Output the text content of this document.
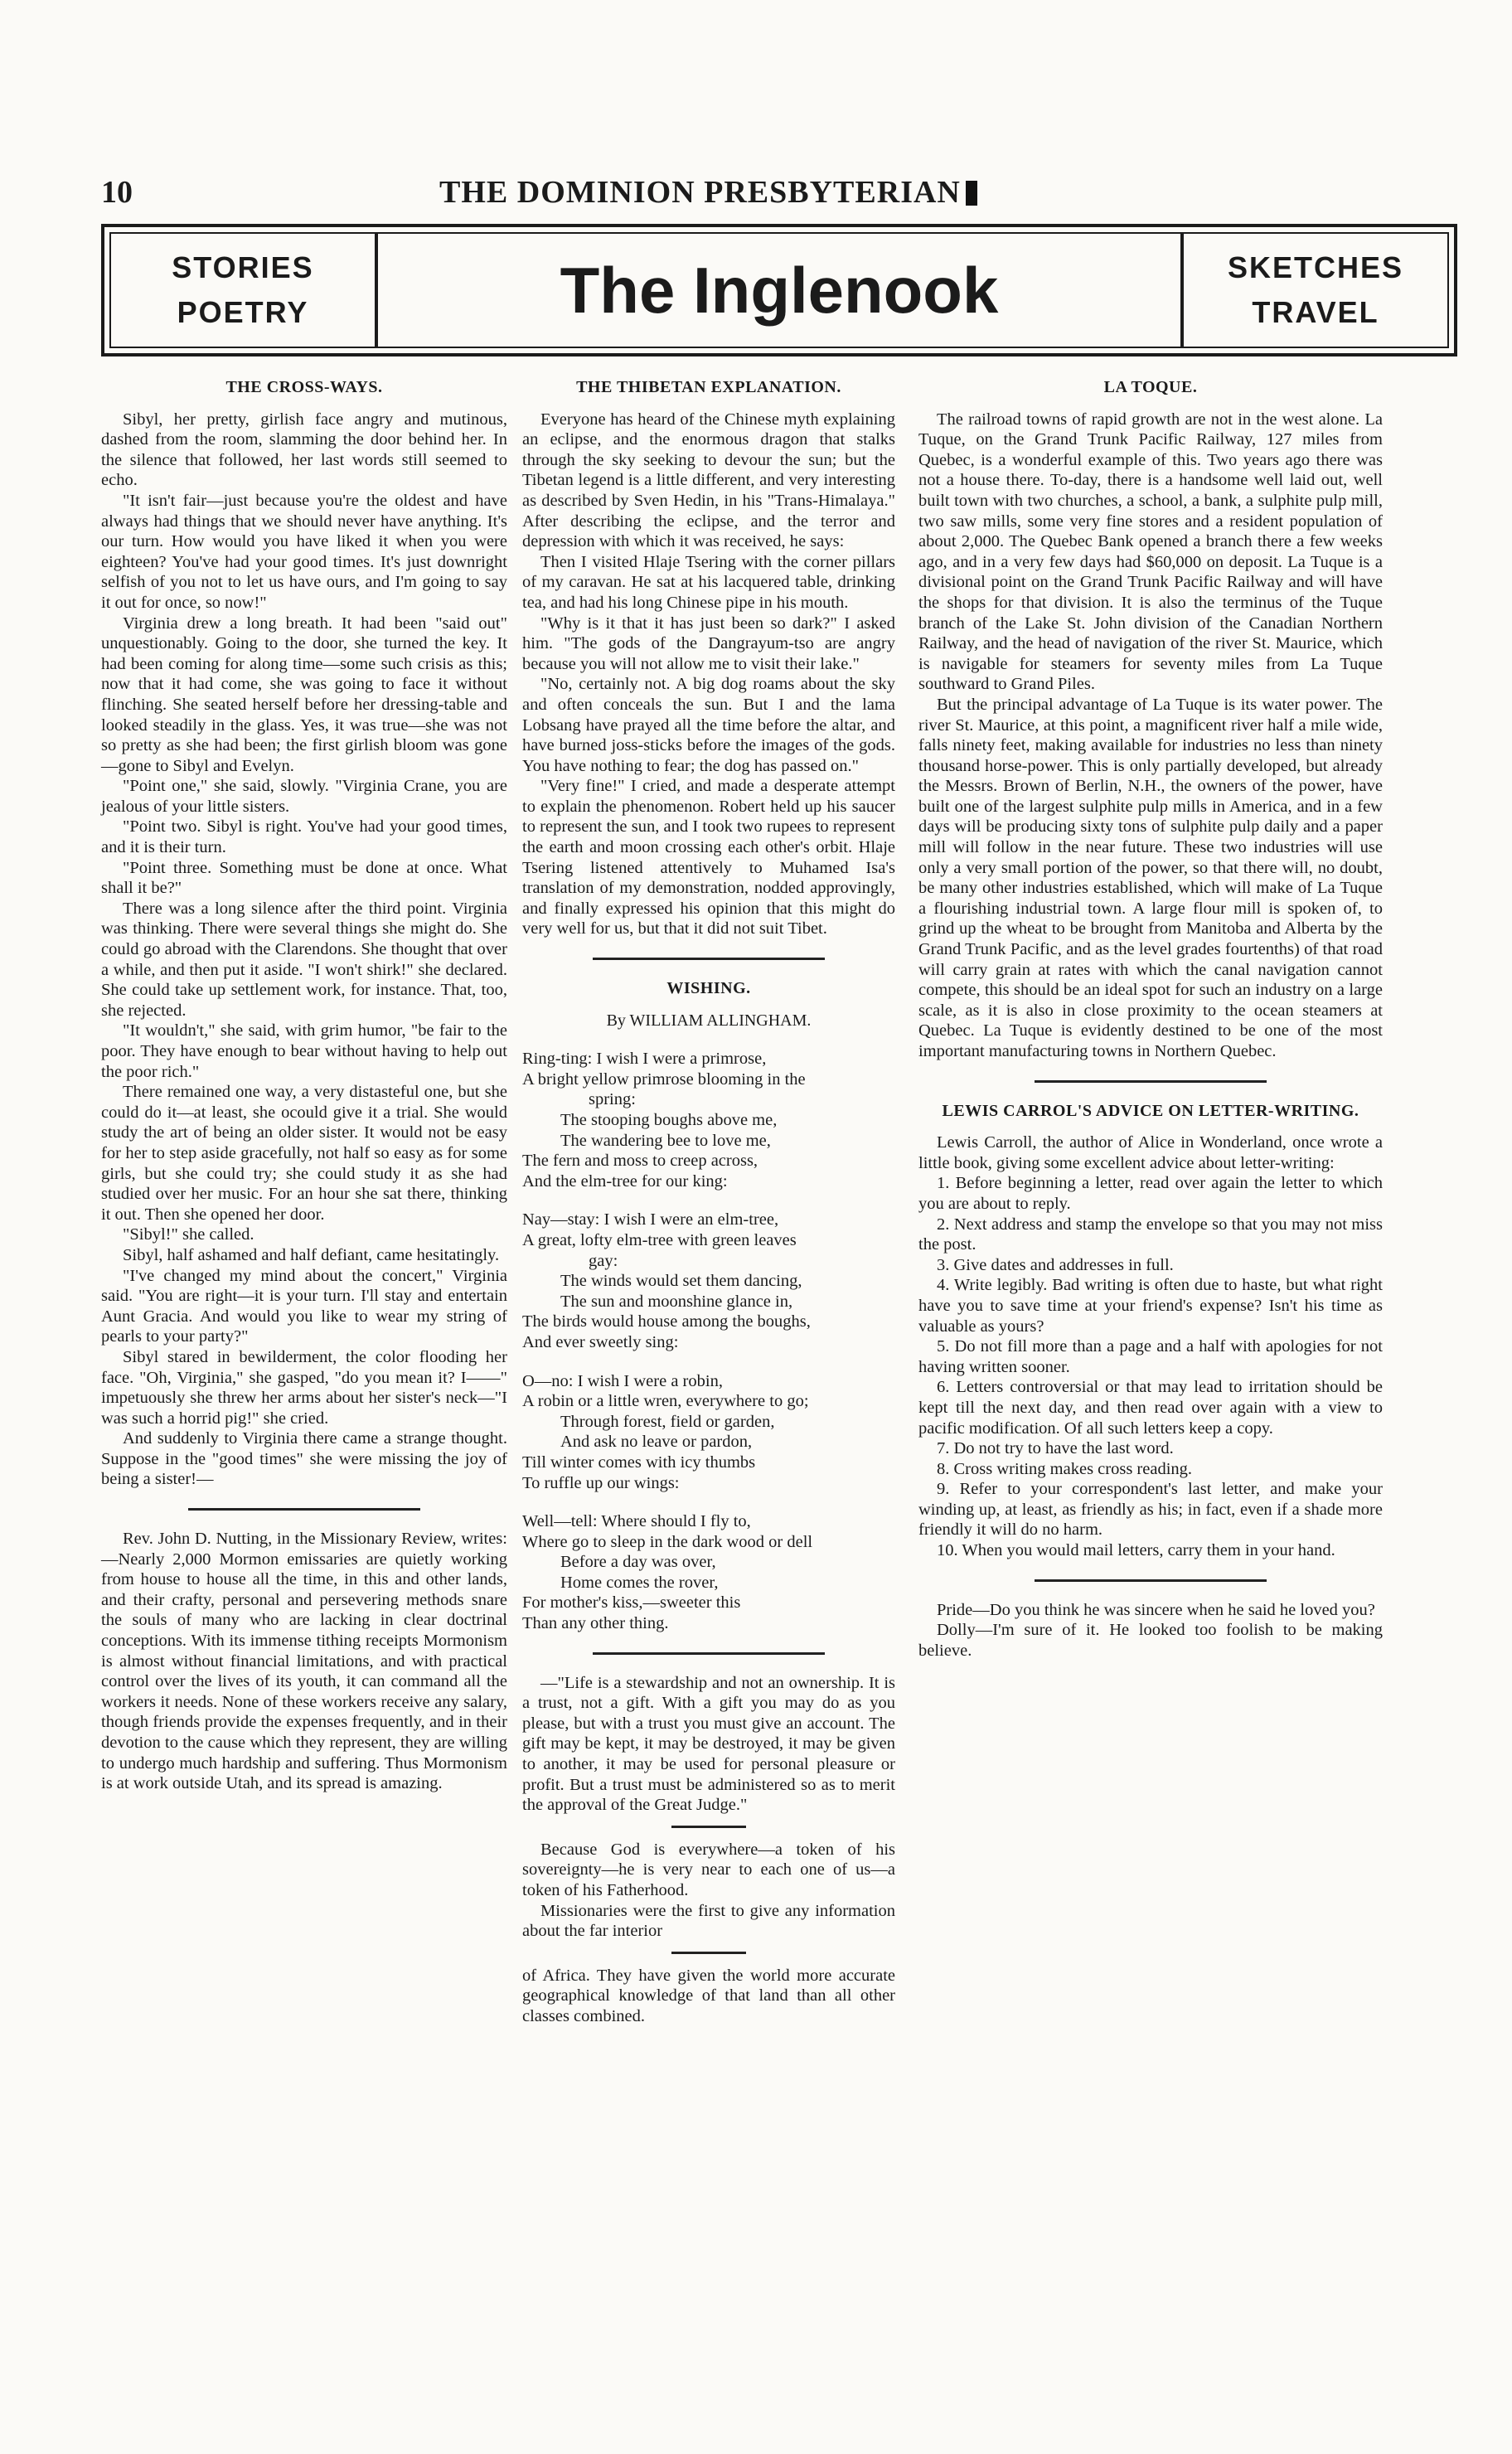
10	THE DOMINION PRESBYTERIAN
STORIES
POETRY	The Inglenook	SKETCHES
TRAVEL
THE CROSS-WAYS.

Sibyl, her pretty, girlish face angry and mutinous, dashed from the room, slamming the door behind her. In the silence that followed, her last words still seemed to echo.

"It isn't fair—just because you're the oldest and have always had things that we should never have anything. It's our turn. How would you have liked it when you were eighteen? You've had your good times. It's just downright selfish of you not to let us have ours, and I'm going to say it out for once, so now!"

Virginia drew a long breath. It had been "said out" unquestionably. Going to the door, she turned the key. It had been coming for along time—some such crisis as this; now that it had come, she was going to face it without flinching. She seated herself before her dressing-table and looked steadily in the glass. Yes, it was true—she was not so pretty as she had been; the first girlish bloom was gone—gone to Sibyl and Evelyn.

"Point one," she said, slowly. "Virginia Crane, you are jealous of your little sisters.

"Point two. Sibyl is right. You've had your good times, and it is their turn.

"Point three. Something must be done at once. What shall it be?"

There was a long silence after the third point. Virginia was thinking. There were several things she might do. She could go abroad with the Clarendons. She thought that over a while, and then put it aside. "I won't shirk!" she declared. She could take up settlement work, for instance. That, too, she rejected.

"It wouldn't," she said, with grim humor, "be fair to the poor. They have enough to bear without having to help out the poor rich."

There remained one way, a very distasteful one, but she could do it—at least, she ocould give it a trial. She would study the art of being an older sister. It would not be easy for her to step aside gracefully, not half so easy as for some girls, but she could try; she could study it as she had studied over her music. For an hour she sat there, thinking it out. Then she opened her door.

"Sibyl!" she called.

Sibyl, half ashamed and half defiant, came hesitatingly.

"I've changed my mind about the concert," Virginia said. "You are right—it is your turn. I'll stay and entertain Aunt Gracia. And would you like to wear my string of pearls to your party?"

Sibyl stared in bewilderment, the color flooding her face. "Oh, Virginia," she gasped, "do you mean it? I——" impetuously she threw her arms about her sister's neck—"I was such a horrid pig!" she cried.

And suddenly to Virginia there came a strange thought. Suppose in the "good times" she were missing the joy of being a sister!—

Rev. John D. Nutting, in the Missionary Review, writes:—Nearly 2,000 Mormon emissaries are quietly working from house to house all the time, in this and other lands, and their crafty, personal and persevering methods snare the souls of many who are lacking in clear doctrinal conceptions. With its immense tithing receipts Mormonism is almost without financial limitations, and with practical control over the lives of its youth, it can command all the workers it needs. None of these workers receive any salary, though friends provide the expenses frequently, and in their devotion to the cause which they represent, they are willing to undergo much hardship and suffering. Thus Mormonism is at work outside Utah, and its spread is amazing.

THE THIBETAN EXPLANATION.

Everyone has heard of the Chinese myth explaining an eclipse, and the enormous dragon that stalks through the sky seeking to devour the sun; but the Tibetan legend is a little different, and very interesting as described by Sven Hedin, in his "Trans-Himalaya." After describing the eclipse, and the terror and depression with which it was received, he says:

Then I visited Hlaje Tsering with the corner pillars of my caravan. He sat at his lacquered table, drinking tea, and had his long Chinese pipe in his mouth.

"Why is it that it has just been so dark?" I asked him. "The gods of the Dangrayum-tso are angry because you will not allow me to visit their lake."

"No, certainly not. A big dog roams about the sky and often conceals the sun. But I and the lama Lobsang have prayed all the time before the altar, and have burned joss-sticks before the images of the gods. You have nothing to fear; the dog has passed on."

"Very fine!" I cried, and made a desperate attempt to explain the phenomenon. Robert held up his saucer to represent the sun, and I took two rupees to represent the earth and moon crossing each other's orbit. Hlaje Tsering listened attentively to Muhamed Isa's translation of my demonstration, nodded approvingly, and finally expressed his opinion that this might do very well for us, but that it did not suit Tibet.

WISHING.
By WILLIAM ALLINGHAM.
Ring-ting: I wish I were a primrose,
A bright yellow primrose blooming in the
spring:
The stooping boughs above me,
The wandering bee to love me,
The fern and moss to creep across,
And the elm-tree for our king:
Nay—stay: I wish I were an elm-tree,
A great, lofty elm-tree with green leaves
gay:
The winds would set them dancing,
The sun and moonshine glance in,
The birds would house among the boughs,
And ever sweetly sing:
O—no: I wish I were a robin,
A robin or a little wren, everywhere to go;
Through forest, field or garden,
And ask no leave or pardon,
Till winter comes with icy thumbs
To ruffle up our wings:
Well—tell: Where should I fly to,
Where go to sleep in the dark wood or dell
Before a day was over,
Home comes the rover,
For mother's kiss,—sweeter this
Than any other thing.

—"Life is a stewardship and not an ownership. It is a trust, not a gift. With a gift you may do as you please, but with a trust you must give an account. The gift may be kept, it may be destroyed, it may be given to another, it may be used for personal pleasure or profit. But a trust must be administered so as to merit the approval of the Great Judge."

Because God is everywhere—a token of his sovereignty—he is very near to each one of us—a token of his Fatherhood.

Missionaries were the first to give any information about the far interior

of Africa. They have given the world more accurate geographical knowledge of that land than all other classes combined.

LA TOQUE.

The railroad towns of rapid growth are not in the west alone. La Tuque, on the Grand Trunk Pacific Railway, 127 miles from Quebec, is a wonderful example of this. Two years ago there was not a house there. To-day, there is a handsome well laid out, well built town with two churches, a school, a bank, a sulphite pulp mill, two saw mills, some very fine stores and a resident population of about 2,000. The Quebec Bank opened a branch there a few weeks ago, and in a very few days had $60,000 on deposit. La Tuque is a divisional point on the Grand Trunk Pacific Railway and will have the shops for that division. It is also the terminus of the Tuque branch of the Lake St. John division of the Canadian Northern Railway, and the head of navigation of the river St. Maurice, which is navigable for steamers for seventy miles from La Tuque southward to Grand Piles.

But the principal advantage of La Tuque is its water power. The river St. Maurice, at this point, a magnificent river half a mile wide, falls ninety feet, making available for industries no less than ninety thousand horse-power. This is only partially developed, but already the Messrs. Brown of Berlin, N.H., the owners of the power, have built one of the largest sulphite pulp mills in America, and in a few days will be producing sixty tons of sulphite pulp daily and a paper mill will follow in the near future. These two industries will use only a very small portion of the power, so that there will, no doubt, be many other industries established, which will make of La Tuque a flourishing industrial town. A large flour mill is spoken of, to grind up the wheat to be brought from Manitoba and Alberta by the Grand Trunk Pacific, and as the level grades fourtenths) of that road will carry grain at rates with which the canal navigation cannot compete, this should be an ideal spot for such an industry on a large scale, as it is also in close proximity to the ocean steamers at Quebec. La Tuque is evidently destined to be one of the most important manufacturing towns in Northern Quebec.

LEWIS CARROL'S ADVICE ON LETTER-WRITING.

Lewis Carroll, the author of Alice in Wonderland, once wrote a little book, giving some excellent advice about letter-writing:

1. Before beginning a letter, read over again the letter to which you are about to reply.

2. Next address and stamp the envelope so that you may not miss the post.

3. Give dates and addresses in full.

4. Write legibly. Bad writing is often due to haste, but what right have you to save time at your friend's expense? Isn't his time as valuable as yours?

5. Do not fill more than a page and a half with apologies for not having written sooner.

6. Letters controversial or that may lead to irritation should be kept till the next day, and then read over again with a view to pacific modification. Of all such letters keep a copy.

7. Do not try to have the last word.

8. Cross writing makes cross reading.

9. Refer to your correspondent's last letter, and make your winding up, at least, as friendly as his; in fact, even if a shade more friendly it will do no harm.

10. When you would mail letters, carry them in your hand.

Pride—Do you think he was sincere when he said he loved you?

Dolly—I'm sure of it. He looked too foolish to be making believe.
